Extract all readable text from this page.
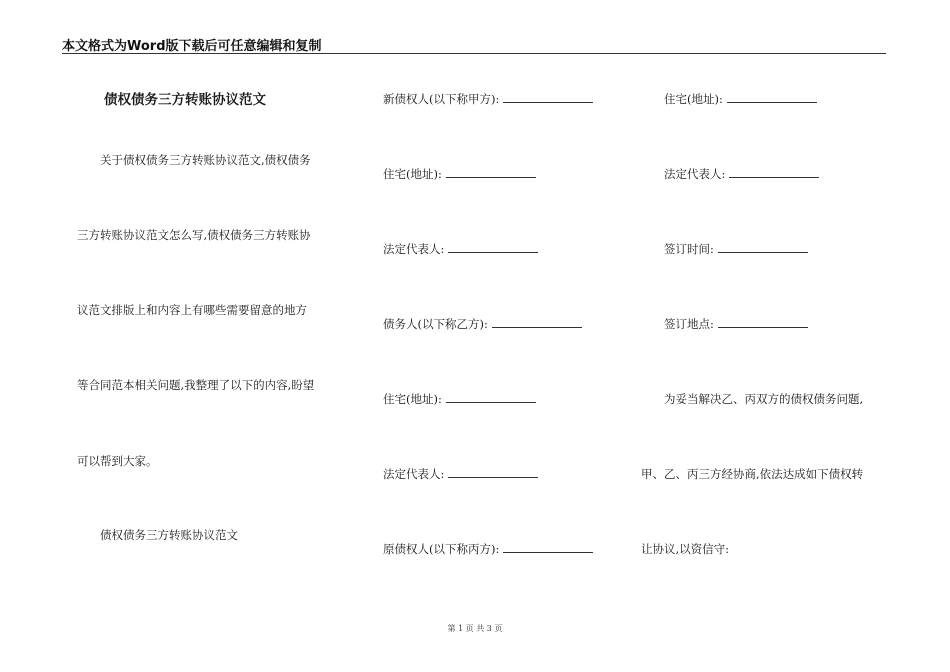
本文格式为Word版下载后可任意编辑和复制
债权债务三方转账协议范文
关于债权债务三方转账协议范文,债权债务
三方转账协议范文怎么写,债权债务三方转账协
议范文排版上和内容上有哪些需要留意的地方
等合同范本相关问题,我整理了以下的内容,盼望
可以帮到大家。
债权债务三方转账协议范文
新债权人(以下称甲方):
住宅(地址):
法定代表人:
债务人(以下称乙方):
住宅(地址):
法定代表人:
原债权人(以下称丙方):
住宅(地址):
法定代表人:
签订时间:
签订地点:
为妥当解决乙、丙双方的债权债务问题,
甲、乙、丙三方经协商,依法达成如下债权转
让协议,以资信守:
第 1 页 共 3 页
